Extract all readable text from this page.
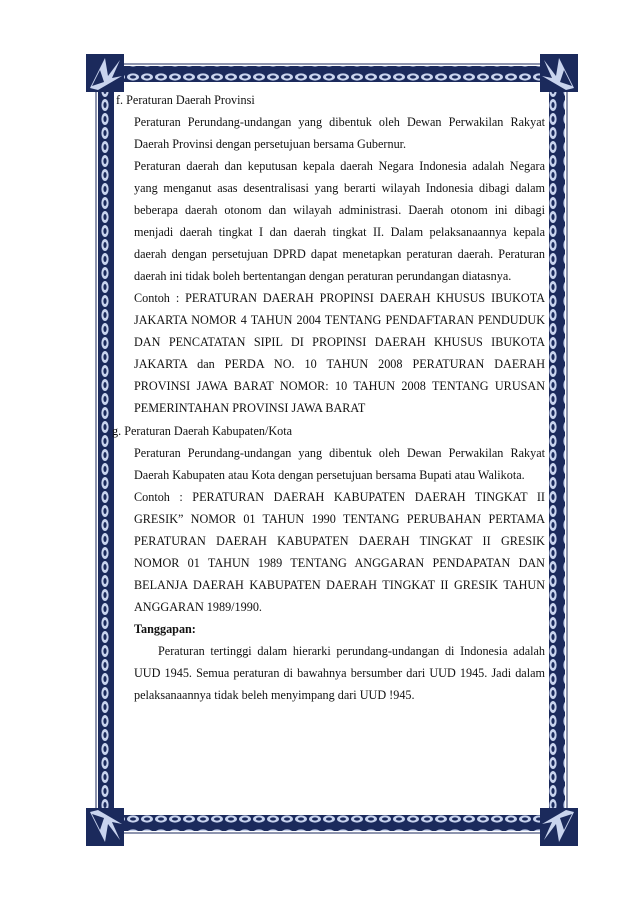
f. Peraturan Daerah Provinsi

Peraturan Perundang-undangan yang dibentuk oleh Dewan Perwakilan Rakyat Daerah Provinsi dengan persetujuan bersama Gubernur.

Peraturan daerah dan keputusan kepala daerah Negara Indonesia adalah Negara yang menganut asas desentralisasi yang berarti wilayah Indonesia dibagi dalam beberapa daerah otonom dan wilayah administrasi. Daerah otonom ini dibagi menjadi daerah tingkat I dan daerah tingkat II. Dalam pelaksanaannya kepala daerah dengan persetujuan DPRD dapat menetapkan peraturan daerah. Peraturan daerah ini tidak boleh bertentangan dengan peraturan perundangan diatasnya.

Contoh : PERATURAN DAERAH PROPINSI DAERAH KHUSUS IBUKOTA JAKARTA NOMOR 4 TAHUN 2004 TENTANG PENDAFTARAN PENDUDUK DAN PENCATATAN SIPIL DI PROPINSI DAERAH KHUSUS IBUKOTA JAKARTA dan PERDA NO. 10 TAHUN 2008 PERATURAN DAERAH PROVINSI JAWA BARAT NOMOR: 10 TAHUN 2008 TENTANG URUSAN PEMERINTAHAN PROVINSI JAWA BARAT

g. Peraturan Daerah Kabupaten/Kota

Peraturan Perundang-undangan yang dibentuk oleh Dewan Perwakilan Rakyat Daerah Kabupaten atau Kota dengan persetujuan bersama Bupati atau Walikota.

Contoh : PERATURAN DAERAH KABUPATEN DAERAH TINGKAT II GRESIK” NOMOR 01 TAHUN 1990 TENTANG PERUBAHAN PERTAMA PERATURAN DAERAH KABUPATEN DAERAH TINGKAT II GRESIK NOMOR 01 TAHUN 1989 TENTANG ANGGARAN PENDAPATAN DAN BELANJA DAERAH KABUPATEN DAERAH TINGKAT II GRESIK TAHUN ANGGARAN 1989/1990.

Tanggapan:

Peraturan tertinggi dalam hierarki perundang-undangan di Indonesia adalah UUD 1945. Semua peraturan di bawahnya bersumber dari UUD 1945. Jadi dalam pelaksanaannya tidak beleh menyimpang dari UUD !945.
